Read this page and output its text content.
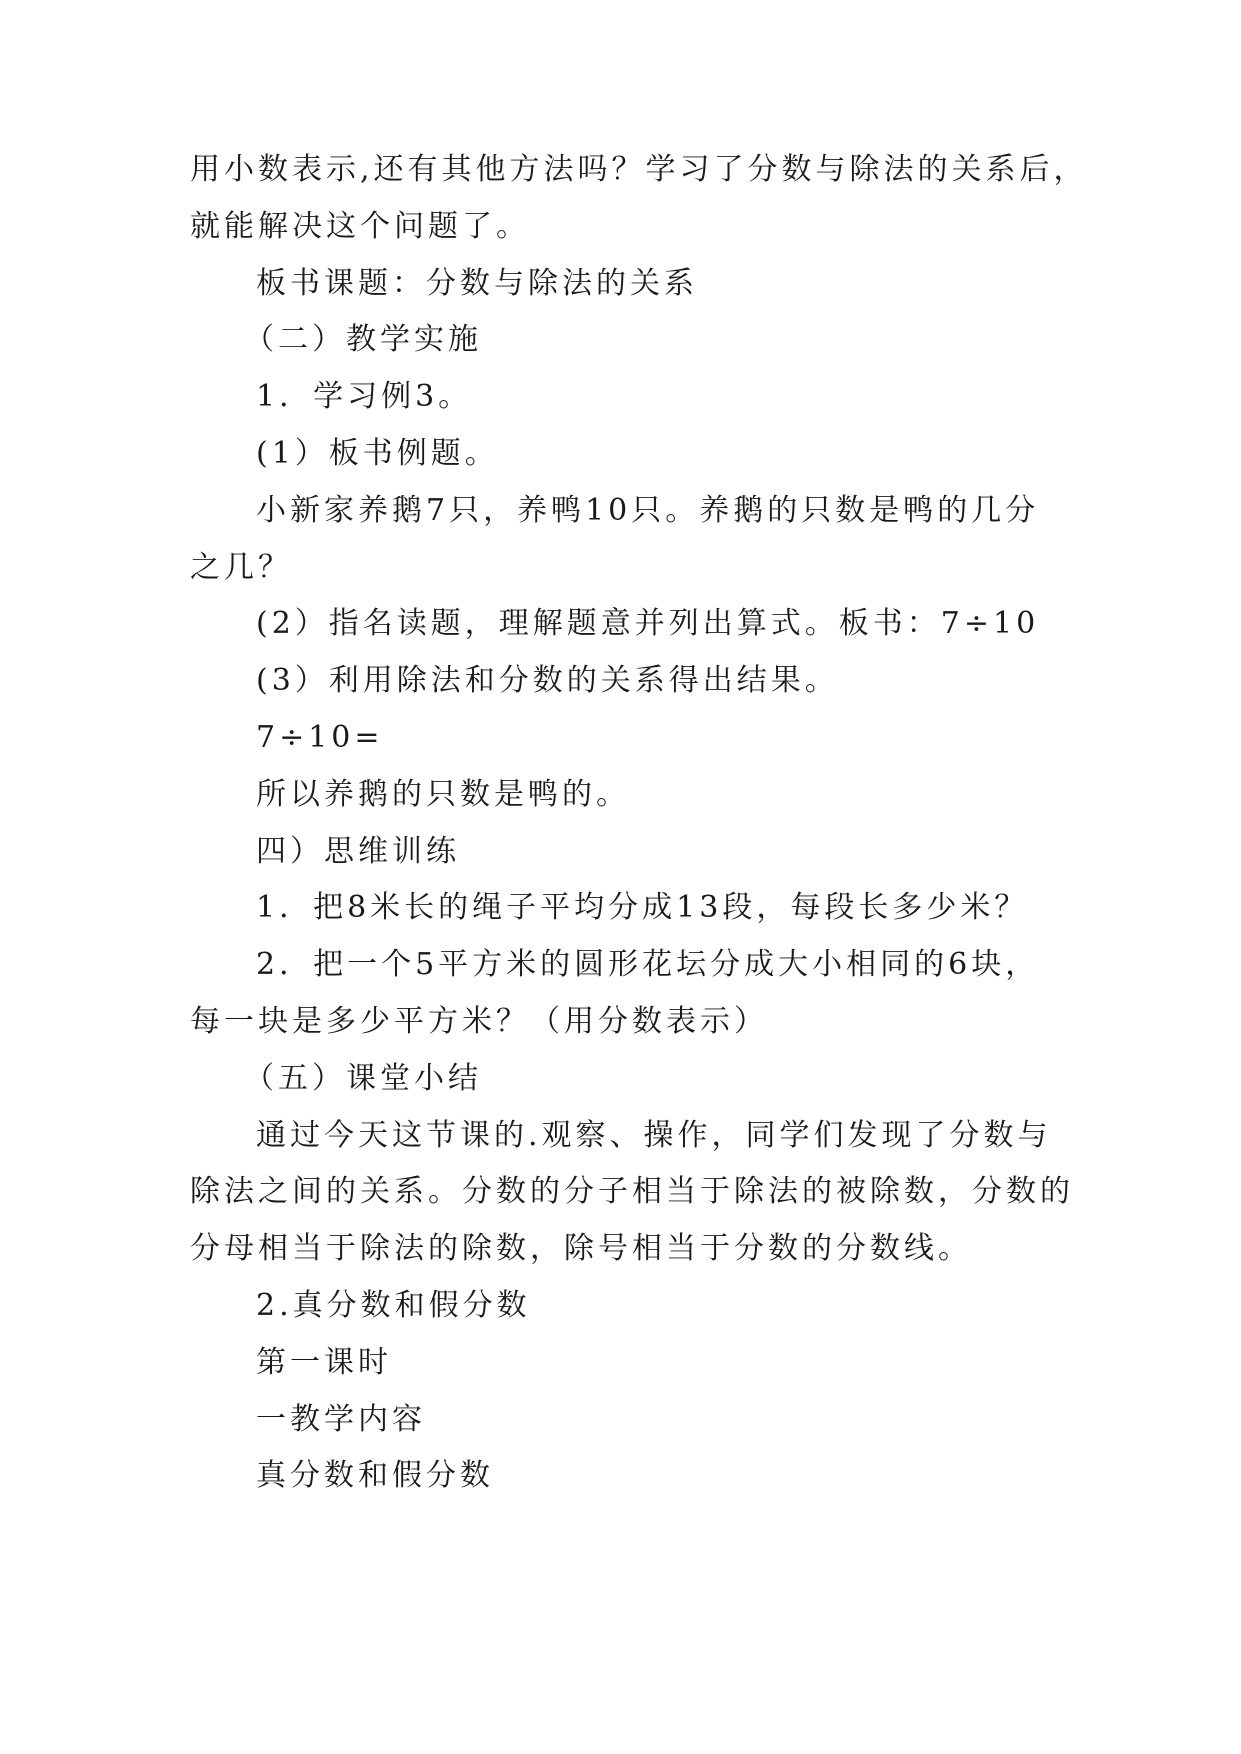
用小数表示,还有其他方法吗？学习了分数与除法的关系后，
就能解决这个问题了。
板书课题：分数与除法的关系
（二）教学实施
1．学习例3。
(1）板书例题。
小新家养鹅7只，养鸭10只。养鹅的只数是鸭的几分
之几？
(2）指名读题，理解题意并列出算式。板书：7÷10
(3）利用除法和分数的关系得出结果。
7÷10=
所以养鹅的只数是鸭的。
四）思维训练
1．把8米长的绳子平均分成13段，每段长多少米？
2．把一个5平方米的圆形花坛分成大小相同的6块，
每一块是多少平方米？（用分数表示）
（五）课堂小结
通过今天这节课的.观察、操作，同学们发现了分数与
除法之间的关系。分数的分子相当于除法的被除数，分数的
分母相当于除法的除数，除号相当于分数的分数线。
2.真分数和假分数
第一课时
一教学内容
真分数和假分数
